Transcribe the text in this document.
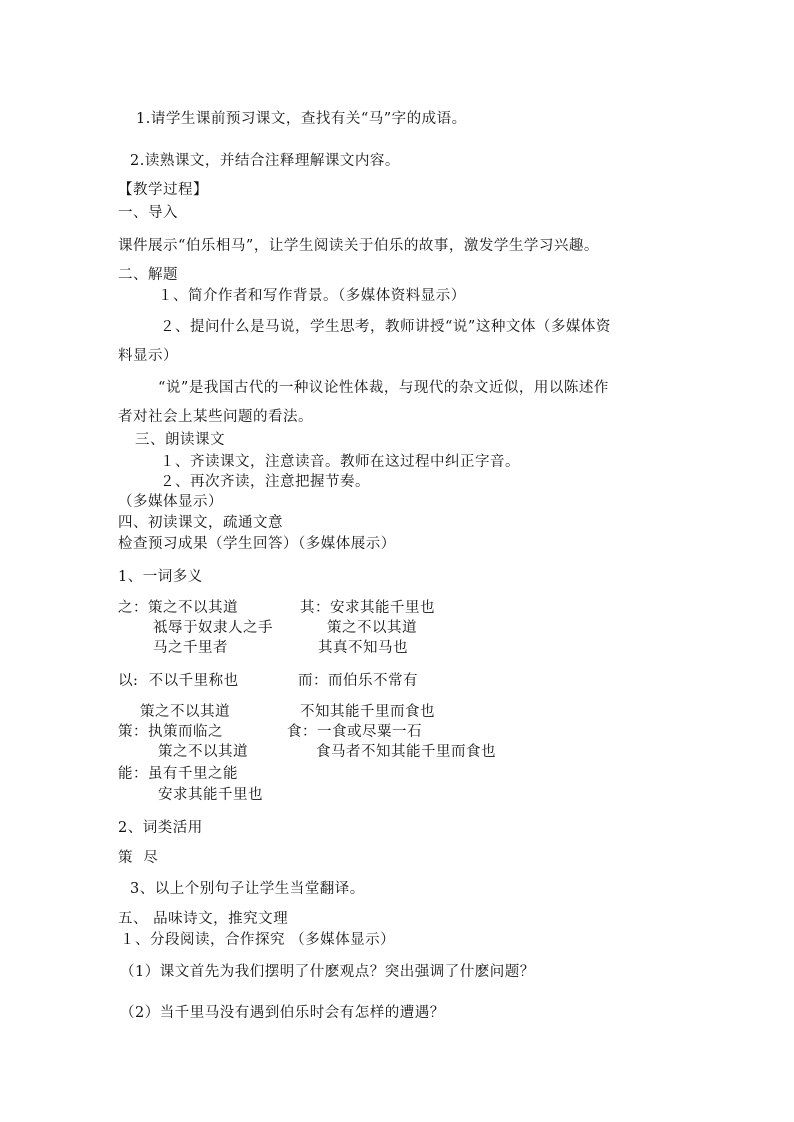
1.请学生课前预习课文，查找有关“马”字的成语。
2.读熟课文，并结合注释理解课文内容。
【教学过程】
一、导入
课件展示“伯乐相马”，让学生阅读关于伯乐的故事，激发学生学习兴趣。
二、解题
１、简介作者和写作背景。（多媒体资料显示）
２、提问什么是马说，学生思考，教师讲授“说”这种文体（多媒体资
料显示）
“说”是我国古代的一种议论性体裁，与现代的杂文近似，用以陈述作
者对社会上某些问题的看法。
三、朗读课文
１、齐读课文，注意读音。教师在这过程中纠正字音。
２、再次齐读，注意把握节奏。
（多媒体显示）
四、初读课文，疏通文意
检查预习成果（学生回答）（多媒体展示）
1、一词多义
之：策之不以其道	其：安求其能千里也
祗辱于奴隶人之手	策之不以其道
马之千里者	其真不知马也
以:  不以千里称也	而：而伯乐不常有
策之不以其道	不知其能千里而食也
策：执策而临之	食：一食或尽粟一石
策之不以其道	食马者不知其能千里而食也
能：虽有千里之能
安求其能千里也
2、词类活用
策  尽
3、以上个别句子让学生当堂翻译。
五、 品味诗文，推究文理
１、分段阅读，合作探究 （多媒体显示）
（1）课文首先为我们摆明了什麽观点？突出强调了什麽问题？
（2）当千里马没有遇到伯乐时会有怎样的遭遇？
